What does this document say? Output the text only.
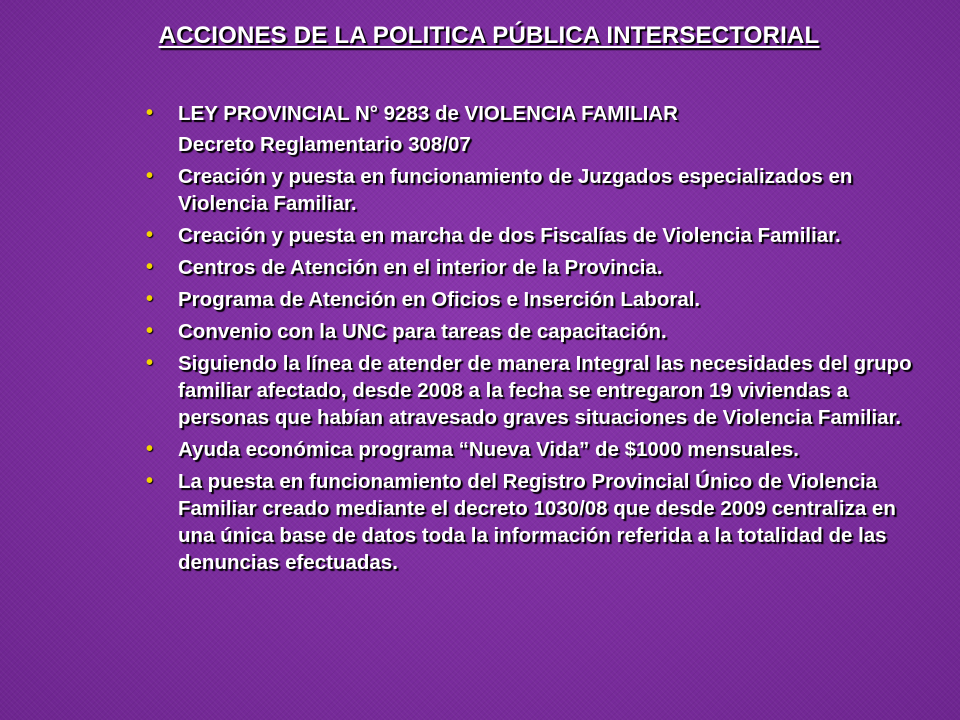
ACCIONES DE LA POLITICA PÚBLICA INTERSECTORIAL
• LEY PROVINCIAL N° 9283 de VIOLENCIA FAMILIAR
Decreto Reglamentario 308/07
• Creación y puesta en funcionamiento de Juzgados especializados en Violencia Familiar.
• Creación y puesta en marcha de dos Fiscalías de Violencia Familiar.
• Centros de Atención en el interior de la Provincia.
• Programa de Atención en Oficios e Inserción Laboral.
• Convenio con la UNC para tareas de capacitación.
• Siguiendo la línea de atender de manera Integral las necesidades del grupo familiar afectado, desde 2008 a la fecha se entregaron 19 viviendas a personas que habían atravesado graves situaciones de Violencia Familiar.
• Ayuda económica programa “Nueva Vida” de $1000 mensuales.
• La puesta en funcionamiento del Registro Provincial Único de Violencia Familiar creado mediante el decreto 1030/08 que desde 2009 centraliza en una única base de datos toda la información referida a la totalidad de las denuncias efectuadas.
